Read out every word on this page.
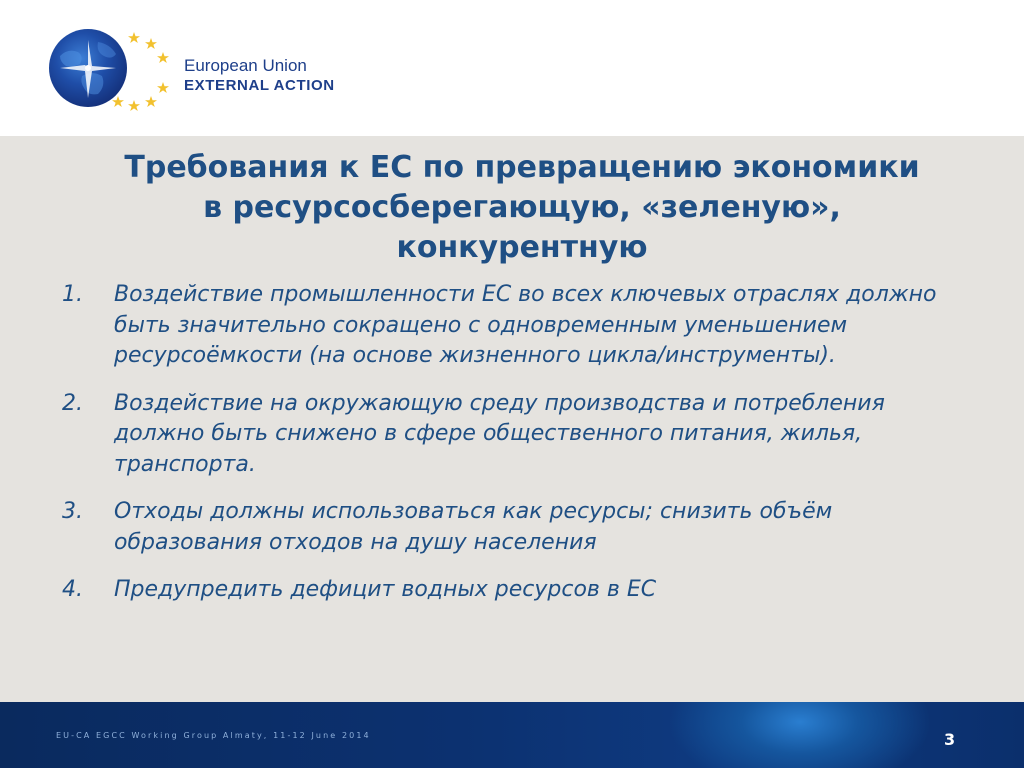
European Union
EXTERNAL ACTION
Требования к ЕС по превращению экономики
в ресурсосберегающую, «зеленую»,
конкурентную
1. Воздействие промышленности ЕС во всех ключевых отраслях должно быть значительно сокращено с одновременным уменьшением ресурсоёмкости (на основе жизненного цикла/инструменты).
2. Воздействие на окружающую среду производства и потребления должно быть снижено в сфере общественного питания, жилья, транспорта.
3. Отходы должны использоваться как ресурсы; снизить объём образования отходов на душу населения
4. Предупредить дефицит водных ресурсов в ЕС
EU-CA EGCC Working Group Almaty, 11-12 June 2014	3
